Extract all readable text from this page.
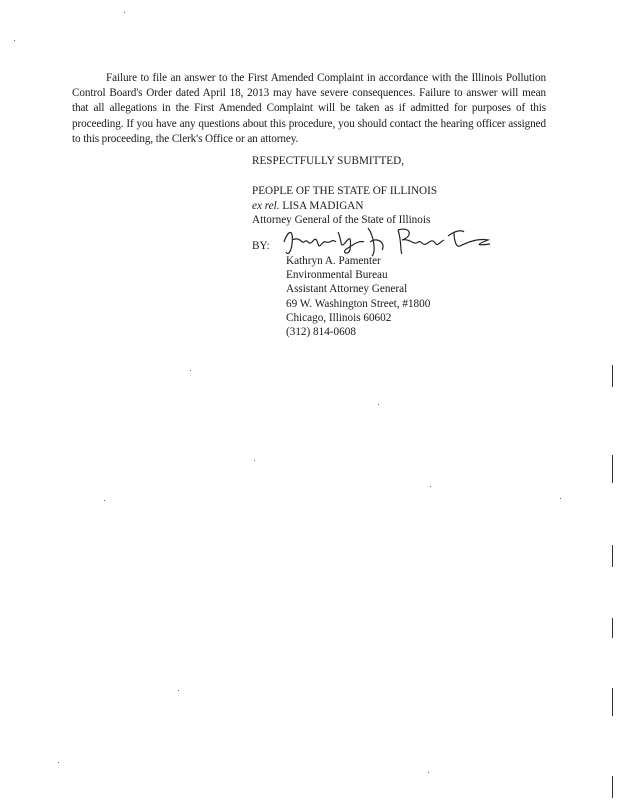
Failure to file an answer to the First Amended Complaint in accordance with the Illinois Pollution Control Board's Order dated April 18, 2013 may have severe consequences. Failure to answer will mean that all allegations in the First Amended Complaint will be taken as if admitted for purposes of this proceeding. If you have any questions about this procedure, you should contact the hearing officer assigned to this proceeding, the Clerk's Office or an attorney.

RESPECTFULLY SUBMITTED,
PEOPLE OF THE STATE OF ILLINOIS
ex rel. LISA MADIGAN
Attorney General of the State of Illinois
BY:
Kathryn A. Pamenter
Environmental Bureau
Assistant Attorney General
69 W. Washington Street, #1800
Chicago, Illinois 60602
(312) 814-0608
